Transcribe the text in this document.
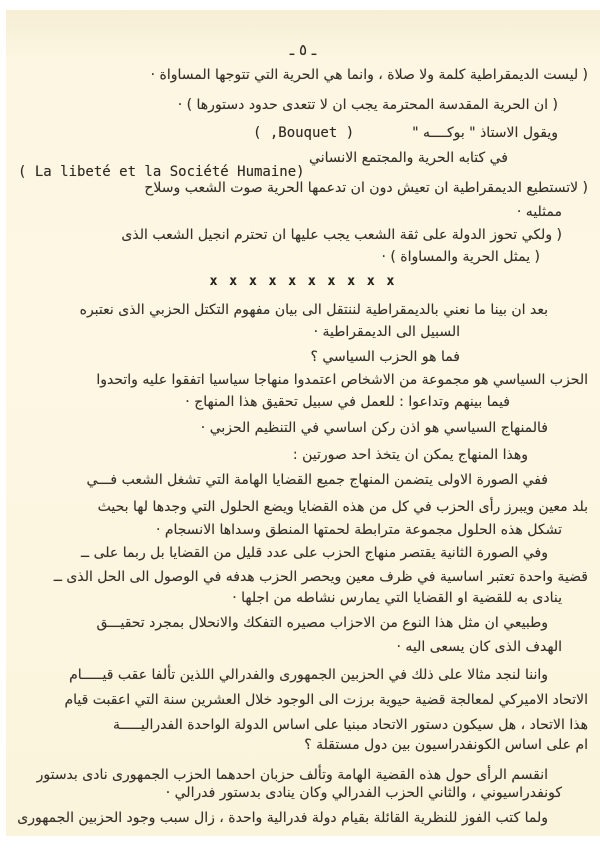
ـ ٥ ـ
( ليست الديمقراطية كلمة ولا صلاة ، وانما هي الحرية التي تتوجها المساواة ·
( ان الحرية المقدسة المحترمة يجب ان لا تتعدى حدود دستورها ) ·
ويقول الاستاذ " بوكــــه "( Bouquet, )
في كتابه الحرية والمجتمع الانساني
( La libeté et la Société Humaine)
( لاتستطيع الديمقراطية ان تعيش دون ان تدعمها الحرية صوت الشعب وسلاح
ممثليه ·
( ولكي تحوز الدولة على ثقة الشعب يجب عليها ان تحترم انجيل الشعب الذى
( يمثل الحرية والمساواة ) ·
x x x x x x x x x x
بعد ان بينا ما نعني بالديمقراطية لننتقل الى بيان مفهوم التكتل الحزبي الذى نعتبره
السبيل الى الديمقراطية ·
فما هو الحزب السياسي ؟
الحزب السياسي هو مجموعة من الاشخاص اعتمدوا منهاجا سياسيا اتفقوا عليه واتحدوا
فيما بينهم وتداعوا : للعمل في سبيل تحقيق هذا المنهاج ·
فالمنهاج السياسي هو اذن ركن اساسي في التنظيم الحزبي ·
وهذا المنهاج يمكن ان يتخذ احد صورتين :
ففي الصورة الاولى يتضمن المنهاج جميع القضايا الهامة التي تشغل الشعب فـــي
بلد معين ويبرز رأى الحزب في كل من هذه القضايا ويضع الحلول التي وجدها لها بحيث
تشكل هذه الحلول مجموعة مترابطة لحمتها المنطق وسداها الانسجام ·
وفي الصورة الثانية يقتصر منهاج الحزب على عدد قليل من القضايا بل ربما على ــ
قضية واحدة تعتبر اساسية في ظرف معين ويحصر الحزب هدفه في الوصول الى الحل الذى ــ
ينادى به للقضية او القضايا التي يمارس نشاطه من اجلها ·
وطبيعي ان مثل هذا النوع من الاحزاب مصيره التفكك والانحلال بمجرد تحقيـــق
الهدف الذى كان يسعى اليه ·
واننا لنجد مثالا على ذلك في الحزبين الجمهورى والفدرالي اللذين تألفا عقب قيـــــام
الاتحاد الاميركي لمعالجة قضية حيوية برزت الى الوجود خلال العشرين سنة التي اعقبت قيام
هذا الاتحاد ، هل سيكون دستور الاتحاد مبنيا على اساس الدولة الواحدة الفدراليـــــة
ام على اساس الكونفدراسيون بين دول مستقلة ؟
انقسم الرأى حول هذه القضية الهامة وتألف حزبان احدهما الحزب الجمهورى نادى بدستور
كونفدراسيوني ، والثاني الحزب الفدرالي وكان ينادى بدستور فدرالي ·
ولما كتب الفوز للنظرية القائلة بقيام دولة فدرالية واحدة ، زال سبب وجود الحزبين الجمهورى
